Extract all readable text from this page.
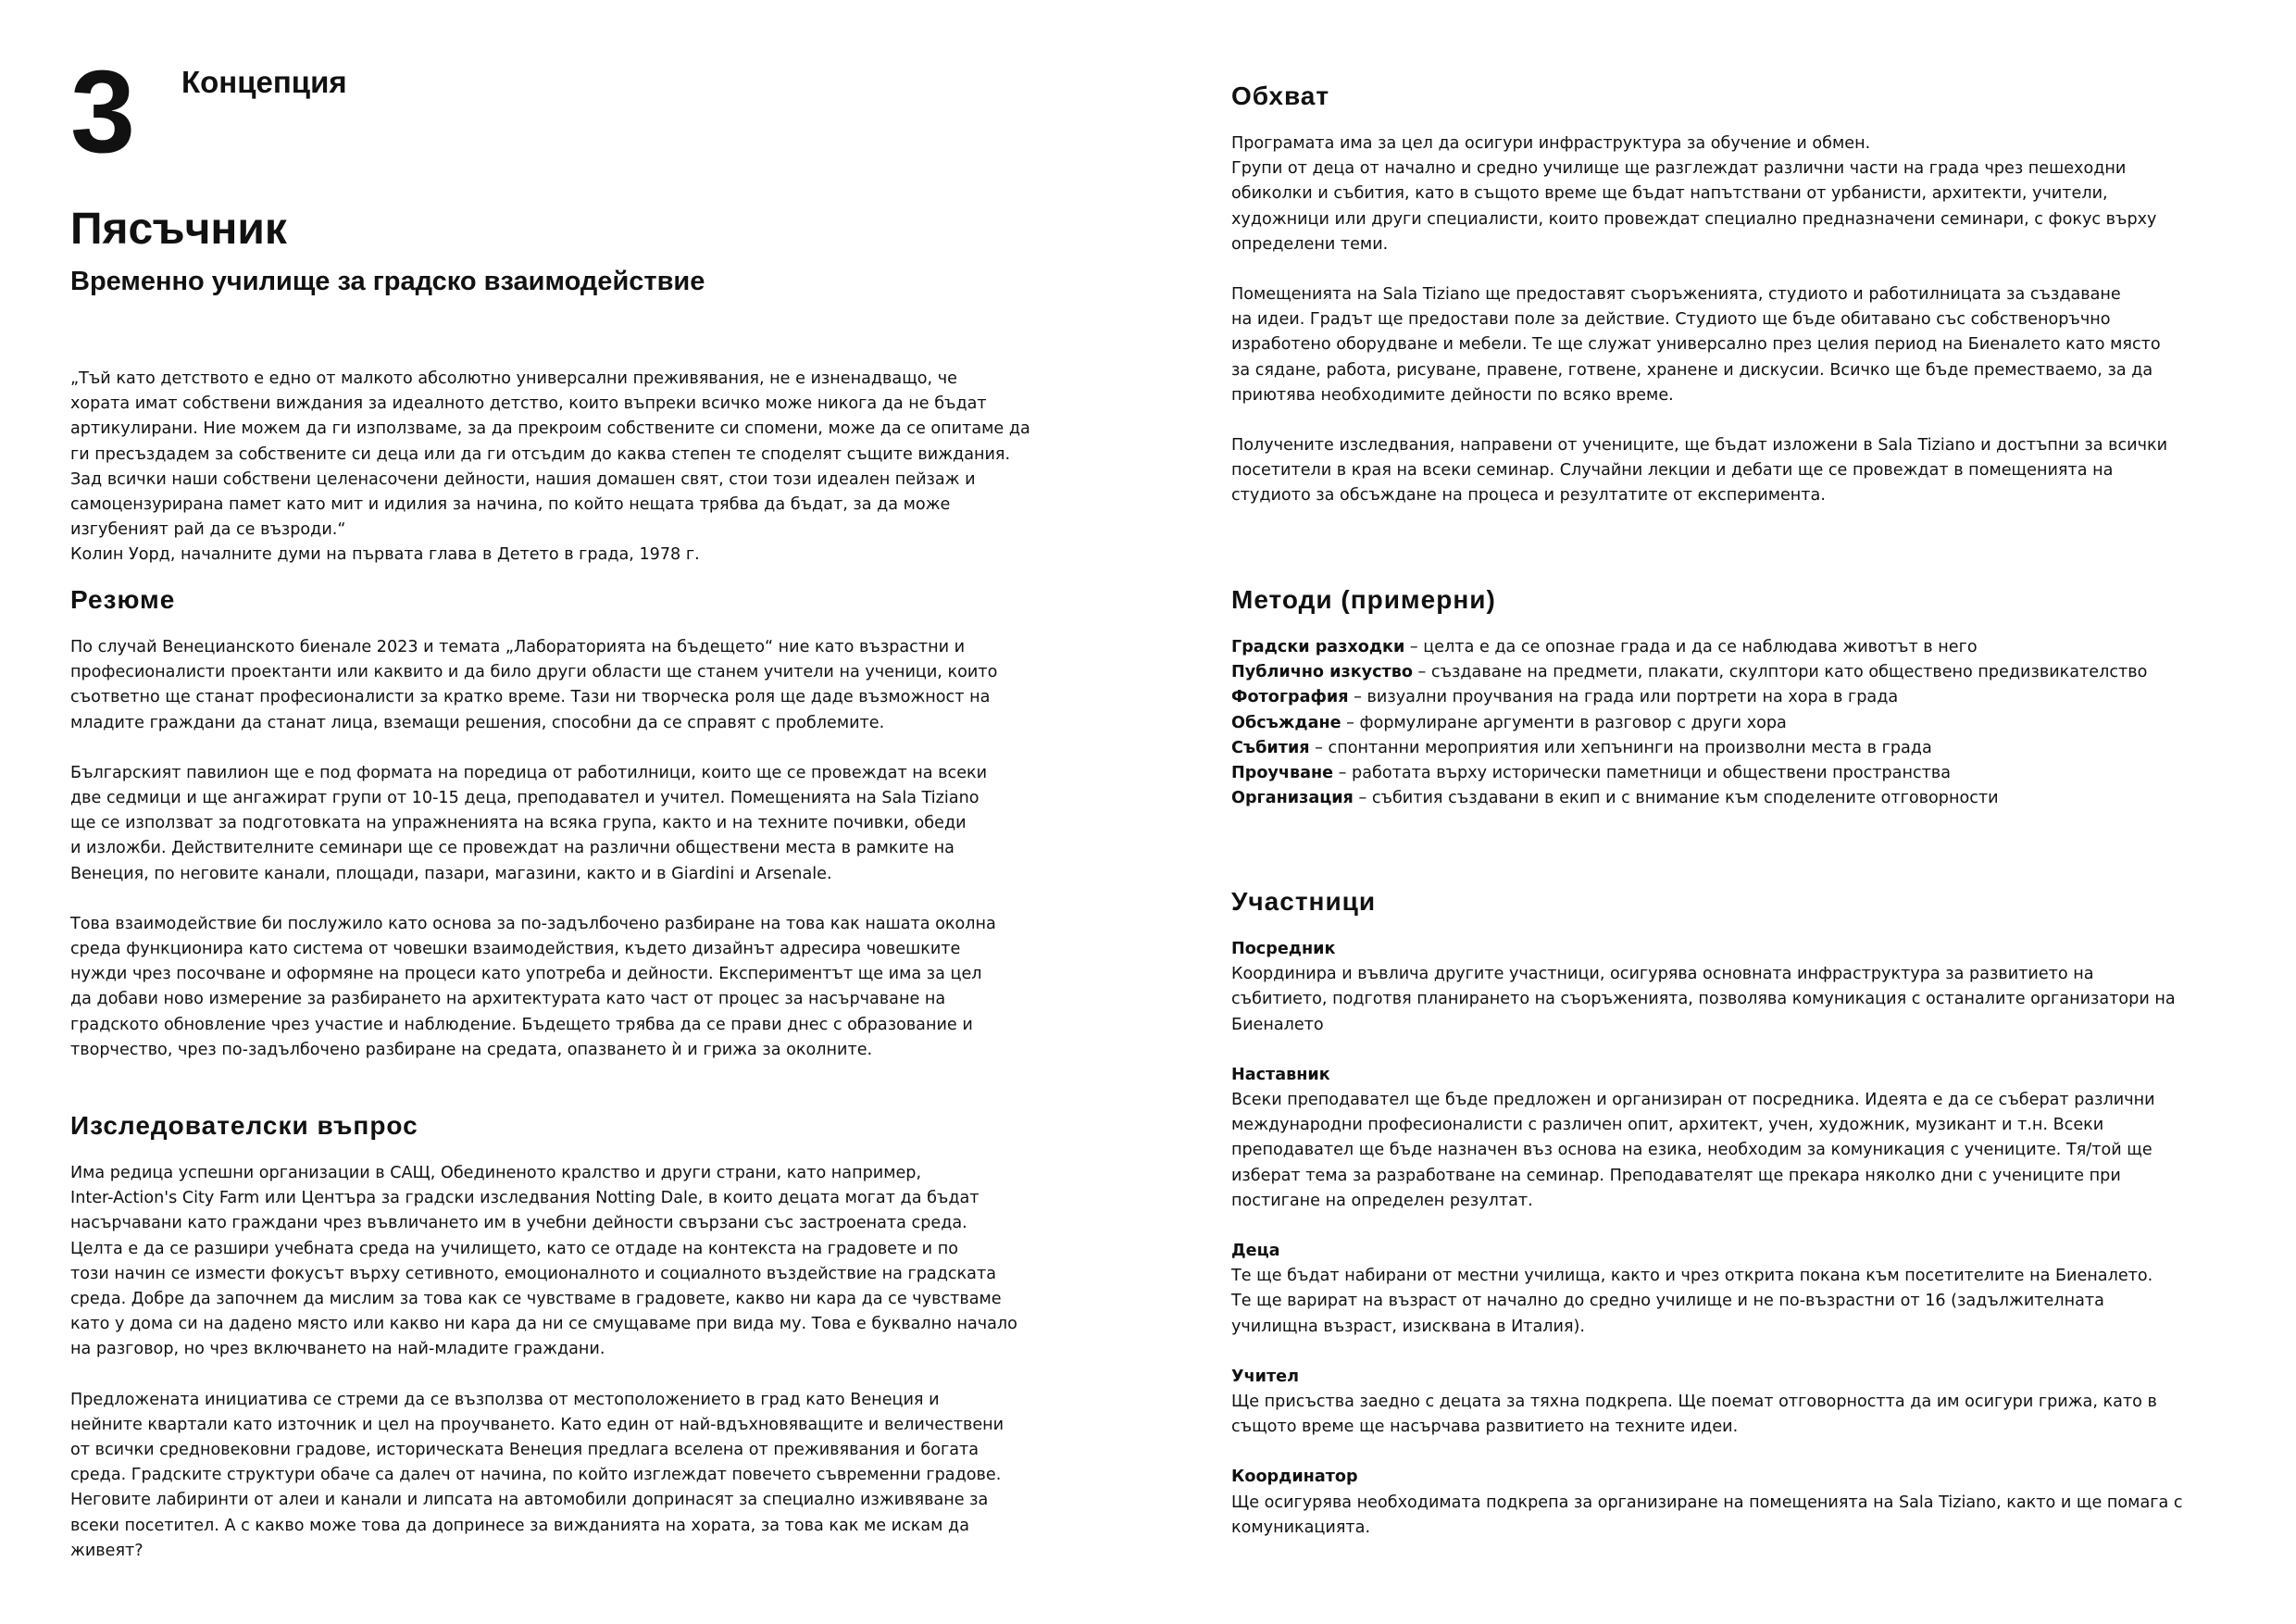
3 Концепция
Пясъчник
Временно училище за градско взаимодействие
„Тъй като детството е едно от малкото абсолютно универсални преживявания, не е изненадващо, че
хората имат собствени виждания за идеалното детство, които въпреки всичко може никога да не бъдат
артикулирани. Ние можем да ги използваме, за да прекроим собствените си спомени, може да се опитаме да
ги пресъздадем за собствените си деца или да ги отсъдим до каква степен те споделят същите виждания.
Зад всички наши собствени целенасочени дейности, нашия домашен свят, стои този идеален пейзаж и
самоцензурирана памет като мит и идилия за начина, по който нещата трябва да бъдат, за да може
изгубеният рай да се възроди.“
Колин Уорд, началните думи на първата глава в Детето в града, 1978 г.
Резюме
По случай Венецианското биенале 2023 и темата „Лабораторията на бъдещето“ ние като възрастни и
професионалисти проектанти или каквито и да било други области ще станем учители на ученици, които
съответно ще станат професионалисти за кратко време. Тази ни творческа роля ще даде възможност на
младите граждани да станат лица, вземащи решения, способни да се справят с проблемите.
Българският павилион ще е под формата на поредица от работилници, които ще се провеждат на всеки
две седмици и ще ангажират групи от 10-15 деца, преподавател и учител. Помещенията на Sala Tiziano
ще се използват за подготовката на упражненията на всяка група, както и на техните почивки, обеди
и изложби. Действителните семинари ще се провеждат на различни обществени места в рамките на
Венеция, по неговите канали, площади, пазари, магазини, както и в Giardini и Arsenale.
Това взаимодействие би послужило като основа за по-задълбочено разбиране на това как нашата околна
среда функционира като система от човешки взаимодействия, където дизайнът адресира човешките
нужди чрез посочване и оформяне на процеси като употреба и дейности. Експериментът ще има за цел
да добави ново измерение за разбирането на архитектурата като част от процес за насърчаване на
градското обновление чрез участие и наблюдение. Бъдещето трябва да се прави днес с образование и
творчество, чрез по-задълбочено разбиране на средата, опазването ѝ и грижа за околните.
Изследователски въпрос
Има редица успешни организации в САЩ, Обединеното кралство и други страни, като например,
Inter-Action's City Farm или Центъра за градски изследвания Notting Dale, в които децата могат да бъдат
насърчавани като граждани чрез въвличането им в учебни дейности свързани със застроената среда.
Целта е да се разшири учебната среда на училището, като се отдаде на контекста на градовете и по
този начин се измести фокусът върху сетивното, емоционалното и социалното въздействие на градската
среда. Добре да започнем да мислим за това как се чувстваме в градовете, какво ни кара да се чувстваме
като у дома си на дадено място или какво ни кара да ни се смущаваме при вида му. Това е буквално начало
на разговор, но чрез включването на най-младите граждани.
Предложената инициатива се стреми да се възползва от местоположението в град като Венеция и
нейните квартали като източник и цел на проучването. Като един от най-вдъхновяващите и величествени
от всички средновековни градове, историческата Венеция предлага вселена от преживявания и богата
среда. Градските структури обаче са далеч от начина, по който изглеждат повечето съвременни градове.
Неговите лабиринти от алеи и канали и липсата на автомобили допринасят за специално изживяване за
всеки посетител. А с какво може това да допринесе за вижданията на хората, за това как ме искам да
живеят?
Обхват
Програмата има за цел да осигури инфраструктура за обучение и обмен.
Групи от деца от начално и средно училище ще разглеждат различни части на града чрез пешеходни
обиколки и събития, като в същото време ще бъдат напътствани от урбанисти, архитекти, учители,
художници или други специалисти, които провеждат специално предназначени семинари, с фокус върху
определени теми.
Помещенията на Sala Tiziano ще предоставят съоръженията, студиото и работилницата за създаване
на идеи. Градът ще предостави поле за действие. Студиото ще бъде обитавано със собственоръчно
изработено оборудване и мебели. Те ще служат универсално през целия период на Биеналето като място
за сядане, работа, рисуване, правене, готвене, хранене и дискусии. Всичко ще бъде преместваемо, за да
приютява необходимите дейности по всяко време.
Получените изследвания, направени от учениците, ще бъдат изложени в Sala Tiziano и достъпни за всички
посетители в края на всеки семинар. Случайни лекции и дебати ще се провеждат в помещенията на
студиото за обсъждане на процеса и резултатите от експеримента.
Методи (примерни)
Градски разходки – целта е да се опознае града и да се наблюдава животът в него
Публично изкуство – създаване на предмети, плакати, скулптори като обществено предизвикателство
Фотография – визуални проучвания на града или портрети на хора в града
Обсъждане – формулиране аргументи в разговор с други хора
Събития – спонтанни мероприятия или хепънинги на произволни места в града
Проучване – работата върху исторически паметници и обществени пространства
Организация – събития създавани в екип и с внимание към споделените отговорности
Участници
Посредник
Координира и въвлича другите участници, осигурява основната инфраструктура за развитието на
събитието, подготвя планирането на съоръженията, позволява комуникация с останалите организатори на
Биеналето
Наставник
Всеки преподавател ще бъде предложен и организиран от посредника. Идеята е да се съберат различни
международни професионалисти с различен опит, архитект, учен, художник, музикант и т.н. Всеки
преподавател ще бъде назначен въз основа на езика, необходим за комуникация с учениците. Тя/той ще
изберат тема за разработване на семинар. Преподавателят ще прекара няколко дни с учениците при
постигане на определен резултат.
Деца
Те ще бъдат набирани от местни училища, както и чрез открита покана към посетителите на Биеналето.
Те ще варират на възраст от начално до средно училище и не по-възрастни от 16 (задължителната
училищна възраст, изисквана в Италия).
Учител
Ще присъства заедно с децата за тяхна подкрепа. Ще поемат отговорността да им осигури грижа, като в
същото време ще насърчава развитието на техните идеи.
Координатор
Ще осигурява необходимата подкрепа за организиране на помещенията на Sala Tiziano, както и ще помага с
комуникацията.
